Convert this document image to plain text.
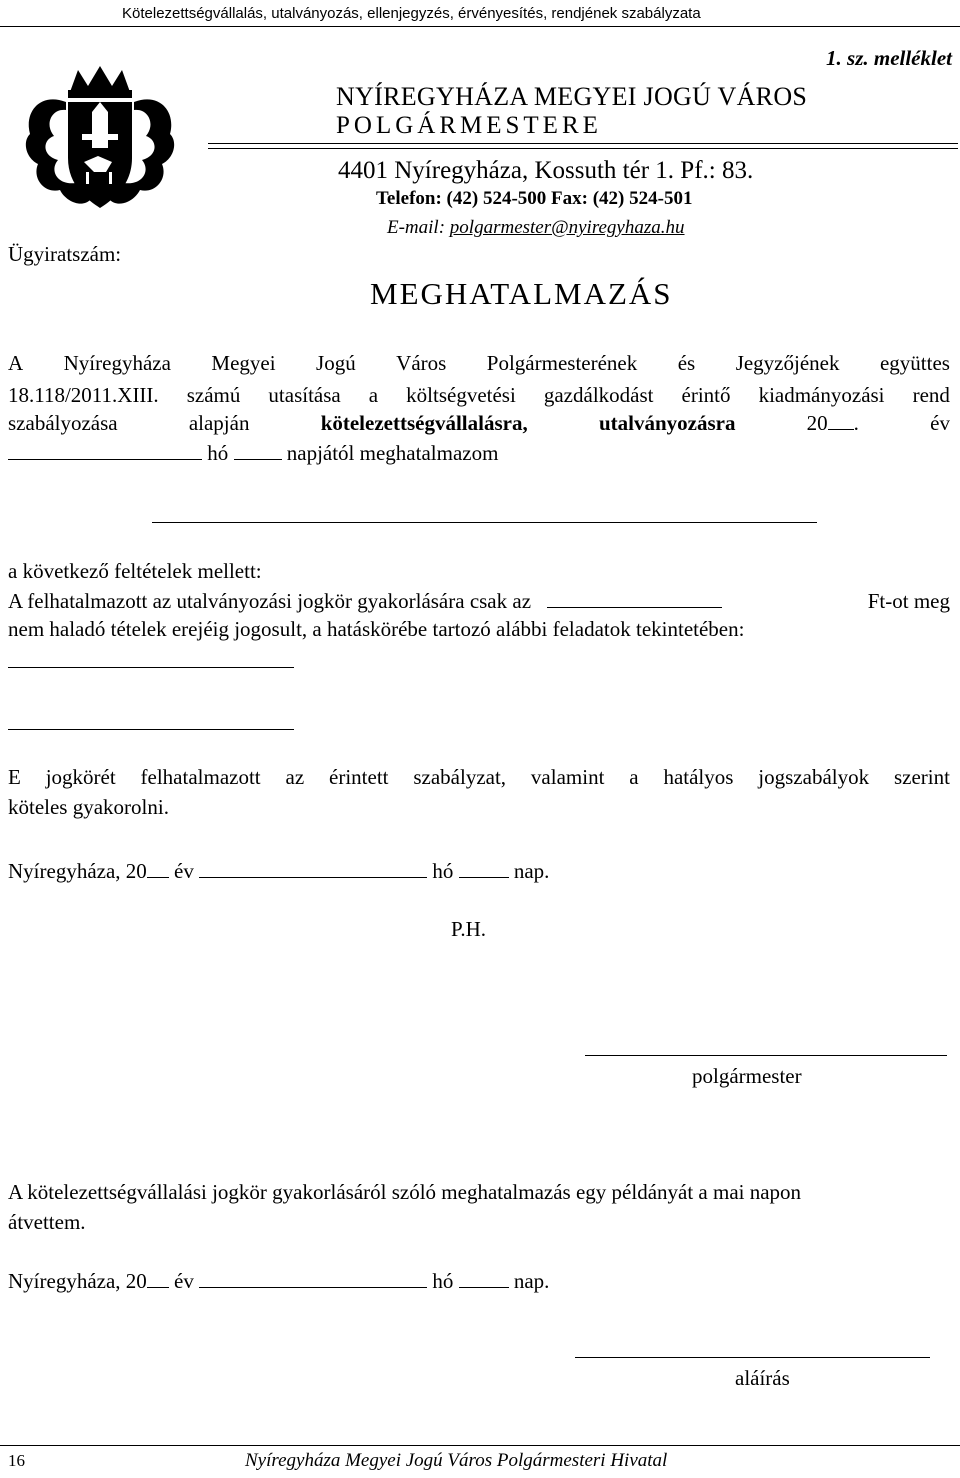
Kötelezettségvállalás, utalványozás, ellenjegyzés, érvényesítés, rendjének szabályzata
1. sz. melléklet
Ügyiratszám:
NYÍREGYHÁZA MEGYEI JOGÚ VÁROS
POLGÁRMESTERE
4401 Nyíregyháza, Kossuth tér 1. Pf.: 83.
Telefon: (42) 524-500 Fax: (42) 524-501
E-mail: polgarmester@nyiregyhaza.hu
MEGHATALMAZÁS
A Nyíregyháza Megyei Jogú Város Polgármesterének és Jegyzőjének együttes
18.118/2011.XIII. számú utasítása a költségvetési gazdálkodást érintő kiadmányozási rend
szabályozása	alapján	kötelezettségvállalásra,	utalványozásra	20 .	év
hó	napjától meghatalmazom
a következő feltételek mellett:
A felhatalmazott az utalványozási jogkör gyakorlására csak az	Ft-ot meg
nem haladó tételek erejéig jogosult, a hatáskörébe tartozó alábbi feladatok tekintetében:
E jogkörét felhatalmazott az érintett szabályzat, valamint a hatályos jogszabályok szerint
köteles gyakorolni.
Nyíregyháza, 20 év	hó	nap.
P.H.
polgármester
A kötelezettségvállalási jogkör gyakorlásáról szóló meghatalmazás egy példányát a mai napon
átvettem.
Nyíregyháza, 20 év	hó	nap.
aláírás
16	Nyíregyháza Megyei Jogú Város Polgármesteri Hivatal
